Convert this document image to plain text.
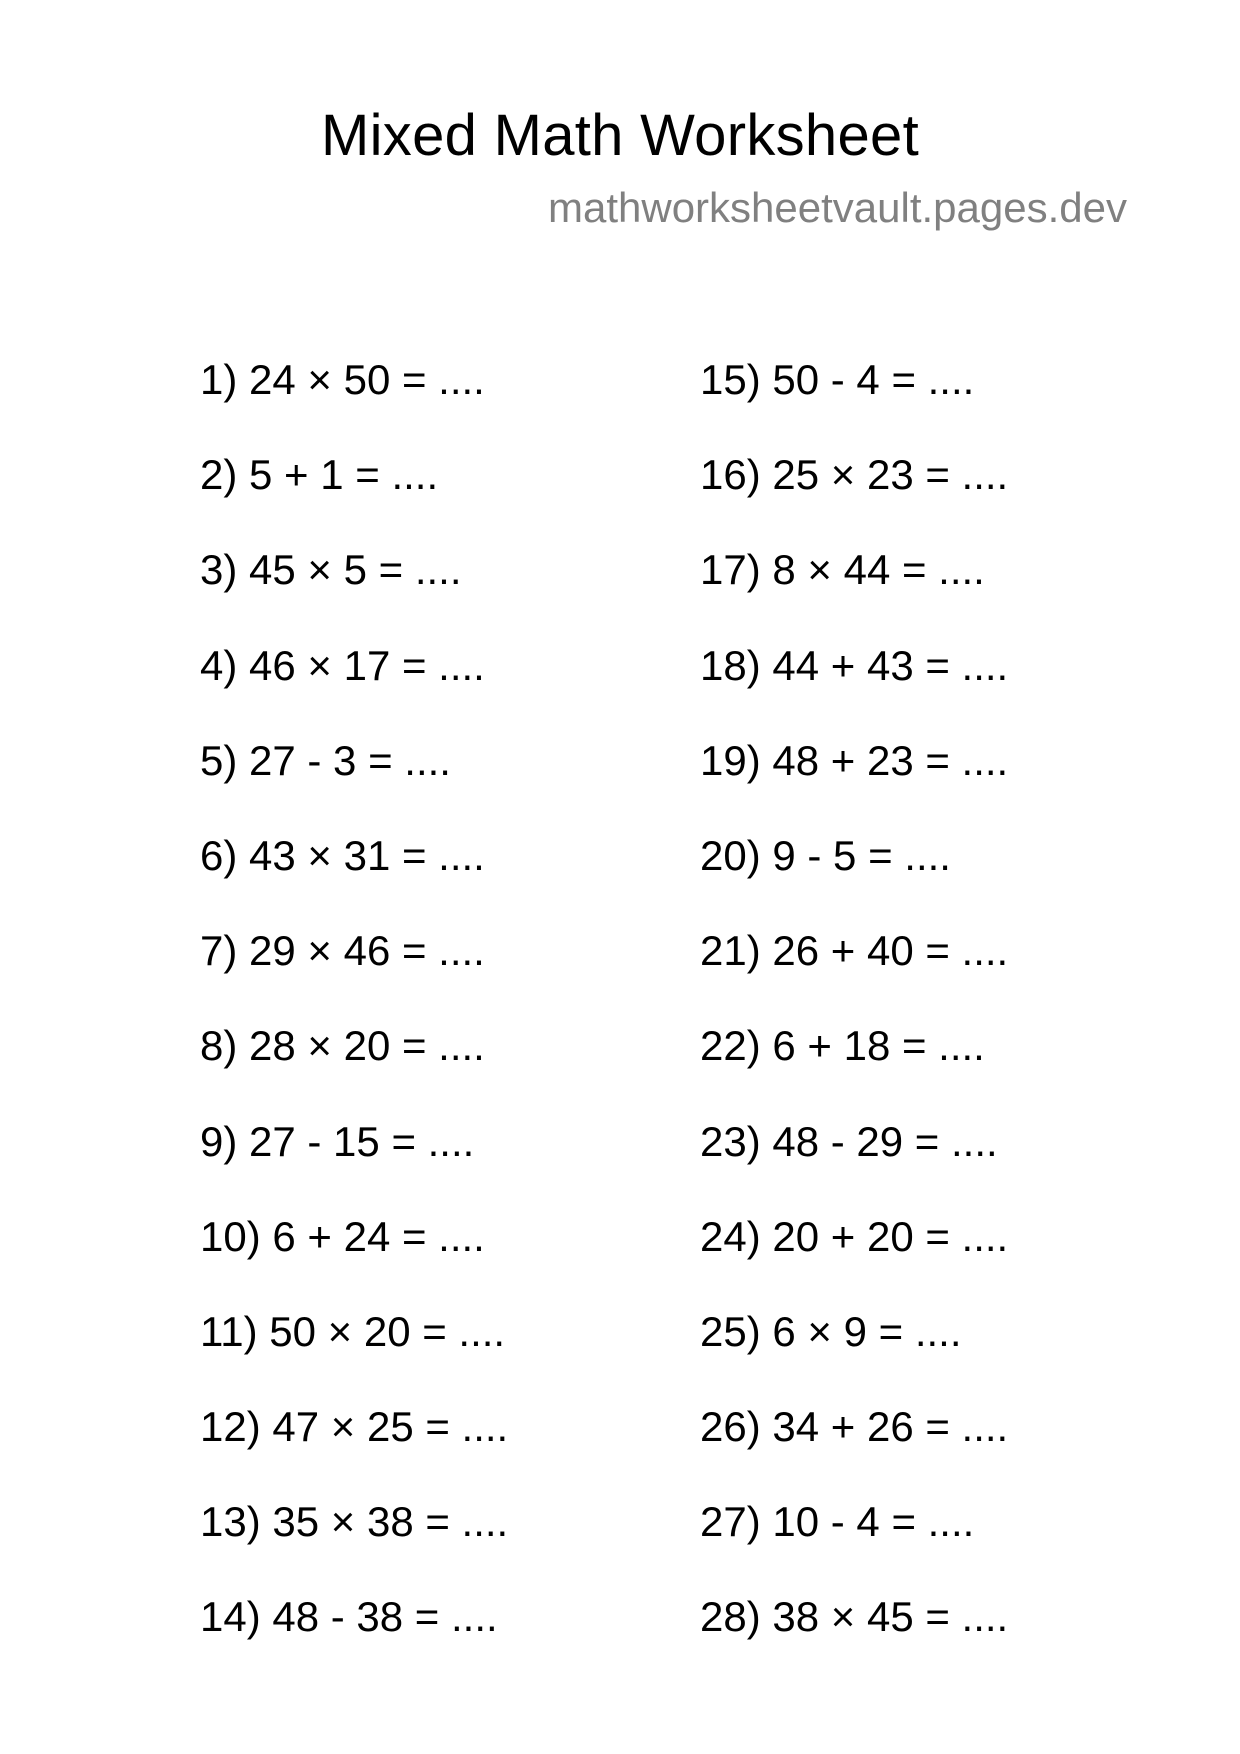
Mixed Math Worksheet
mathworksheetvault.pages.dev
1) 24 × 50 = ....
2) 5 + 1 = ....
3) 45 × 5 = ....
4) 46 × 17 = ....
5) 27 - 3 = ....
6) 43 × 31 = ....
7) 29 × 46 = ....
8) 28 × 20 = ....
9) 27 - 15 = ....
10) 6 + 24 = ....
11) 50 × 20 = ....
12) 47 × 25 = ....
13) 35 × 38 = ....
14) 48 - 38 = ....
15) 50 - 4 = ....
16) 25 × 23 = ....
17) 8 × 44 = ....
18) 44 + 43 = ....
19) 48 + 23 = ....
20) 9 - 5 = ....
21) 26 + 40 = ....
22) 6 + 18 = ....
23) 48 - 29 = ....
24) 20 + 20 = ....
25) 6 × 9 = ....
26) 34 + 26 = ....
27) 10 - 4 = ....
28) 38 × 45 = ....
